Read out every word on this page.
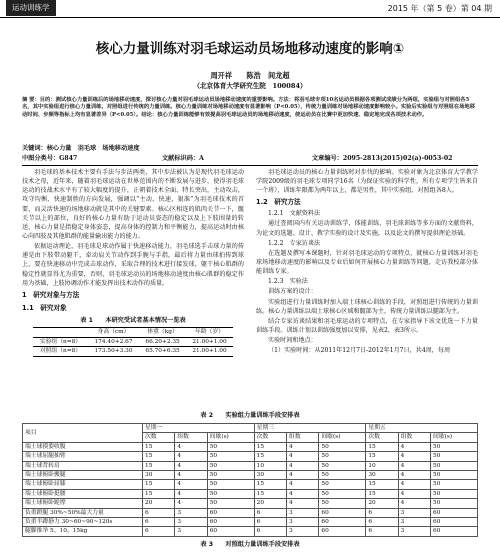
运动训练学	2015 年（第 5 卷）第 04 期
核心力量训练对羽毛球运动员场地移动速度的影响①
周开祥　　陈浩　间龙超
（北京体育大学研究生院　100084）
摘 要：目的：测试核心力量训练后的场地移动速度，探讨核心力量对羽毛球运动员场地移动速度的重要影响。方法：将羽毛球专项10名运动员根据各项测试成绩分为两组，实验组与对照组各5名，其中实验组进行核心力量训练，对照组进行传统的力量训练。核心力量训练对场地移动速度有显著影响（P<0.05），传统力量训练对场地移动速度影响较小。实验后实验组与对照组在场地移动时间、步频等指标上均有显著差异（P<0.05）。结论：核心力量训练能够有效提高羽毛球运动员的场地移动速度，使运动员在比赛中更加快速、稳定地完成各项技术动作。
关键词：核心力量　羽毛球　场地移动速度
中图分类号：G847	文献标识码：A	文章编号：2095-2813(2015)02(a)-0053-02

羽毛球的基本技术主要有手法与步法两类，其中步法被认为是现代羽毛球运动技术之母，近年来，随着羽毛球运动在世界范围内的不断发展与进步，使得羽毛球运动的技战术水平有了较大幅度的提升，正朝着技术全面、特长突出，主动攻击，攻守均衡、快速制胜的方向发展，强调以“主动、快速、狠准”为羽毛球技术的首要，而灵活快速的场地移动就是其中的关键要素。核心区相连的肌肉关节一下，髋关节以上的部位，良好的核心力量有助于运动员姿态的稳定以及上下肢围量的转送，核心力量是指稳定身体姿态，提高身体的控制力和平衡能力，提高运动时由核心向四肢及其他肌群的能量输出能力的能力。

依据运动理论，羽毛球是球动作属于快速移动能力，羽毛球选手击球力量的传递是由下肢带动躯干，牵动肩关节动作到手腕与手指，最后将力量由球拍传到球上，要在快速移动中完成击球动作，采取合理的技术进行接发球，躯干核心肌群的稳定性就显得尤为重要，否则，羽毛球运动员的场地移动速度由核心肌群的稳定作用为基础，上肢协调动作才能发挥出技术动作的质量。

1　研究对象与方法
1.1　研究对象
表 1　　本研究受试者基本情况一览表
	身高（cm）	体重（kg）	年龄（岁）
实验组（n=8）	174.40+2.67	66.20+2.35	21.00+1.00
对照组（n=8）	173.50+3.30	65.70+6.35	21.00+1.00

羽毛球运动员的核心力量训练时对步伐的影响。实验对象为北京体育大学教学学院2009级的羽毛球专项同学16名（为保证实验的科学性，所有专项学生皆来自一个班），训练年限都为两年以上，都是男性，其中实验组、对照组各8人。

1.2　研究方法

1.2.1　文献资料法

通过查阅国内有关运动训练学，体能训练，羽毛球训练等多方面的文献资料，为论文的选题、设计、教学实验的设计及实施，以及论文的撰写提供理论基础。

1.2.2　专家访谈法

在选题及撰写本课题时，针对羽毛球运动的专项特点，就核心力量训练对羽毛球场地移动速度的影响以及专业后如何开展核心力量训练等问题，走访我校部分体能训练专家。

1.2.3　实验法

训练方案的设计：

实验组进行力量训练时加入端士球核心训练的手段，对照组进行传统的力量训练。核心力量训练以端士球核心区域和髋部为主，传统力量训练以腿部为主。

结合专家访谈结果和羽毛球运动的专项特点，在专家指导下该文优选一下力量训练手段。训练计划以训练强度加以安排，见表2，表3所示。

实验时间和地点：

（1）实验时间：从2011年12月7日-2012年1月7日，共4周，每周

表 2　　实验组力量训练手段安排表
项目	星期一			星期三			星期五		
	次数	组数	间歇(s)	次数	组数	间歇(s)	次数	组数	间歇(s)
端士球摸姿收腹	15	4	50	15	4	50	15	4	50
端士球屈腿抽臂	15	4	50	15	4	50	15	4	50
端士球背转肩	15	4	50	10	4	50	10	4	50
端士球俯卧搬腿	30	4	50	30	4	50	30	4	50
端士球俯卧屈膝	15	4	50	15	4	50	15	4	50
端士球俯卧挺腰	15	4	50	15	4	50	15	4	50
端士球俯卧跪撑	20	4	50	20	4	50	20	4	50
负重蹬腿 30%~50%最大力量	6	3	60	6	3	60	6	3	60
负重半蹲静力 30~60~90~120s	6	3	60	6	3	60	6	3	60
腿脚推举 5、10、15kg	6	3	60	6	3	60	6	3	60
表 3　　对照组力量训练手段安排表
